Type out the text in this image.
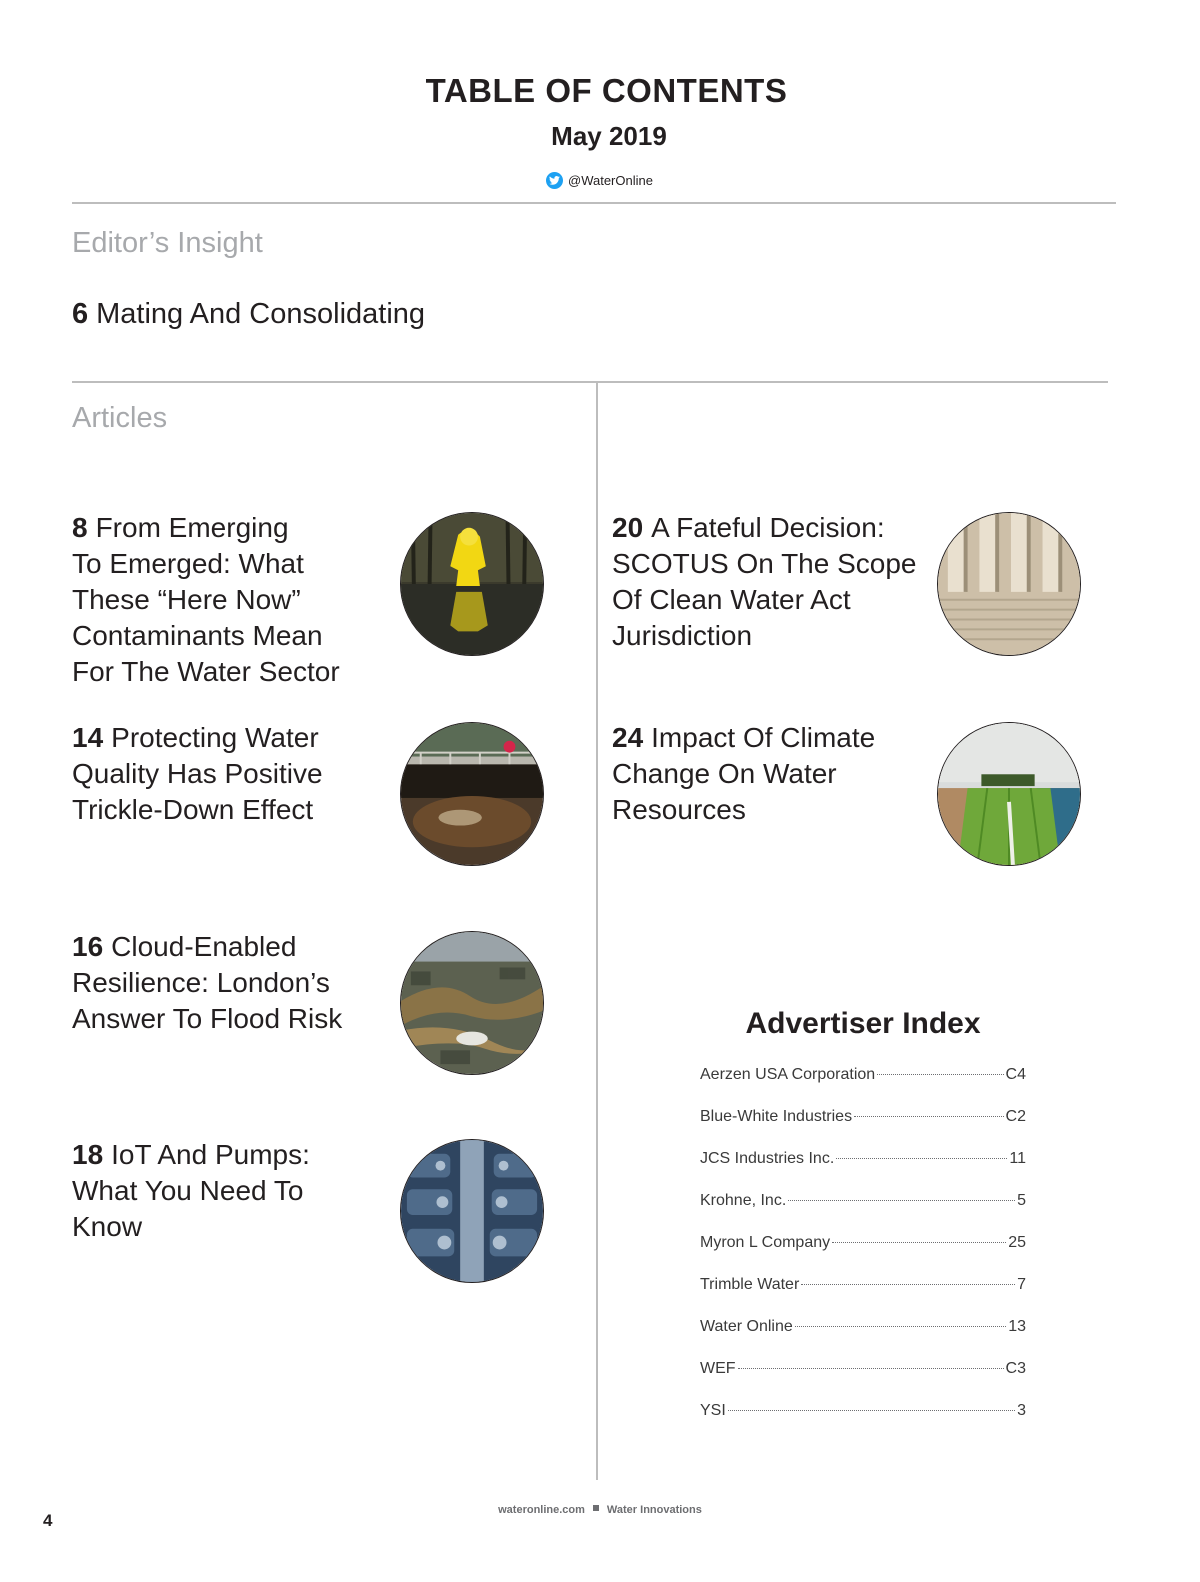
TABLE OF CONTENTS
May 2019
@WaterOnline
Editor’s Insight
6 Mating And Consolidating
Articles
8 From Emerging
To Emerged: What
These “Here Now”
Contaminants Mean
For The Water Sector
14 Protecting Water
Quality Has Positive
Trickle-Down Effect
16 Cloud-Enabled
Resilience: London’s
Answer To Flood Risk
18 IoT And Pumps:
What You Need To
Know
20 A Fateful Decision:
SCOTUS On The Scope
Of Clean Water Act
Jurisdiction
24 Impact Of Climate
Change On Water
Resources
Advertiser Index
Aerzen USA Corporation	C4
Blue-White Industries	C2
JCS Industries Inc.	11
Krohne, Inc.	5
Myron L Company	25
Trimble Water	7
Water Online	13
WEF	C3
YSI	3
wateronline.com Water Innovations
4
